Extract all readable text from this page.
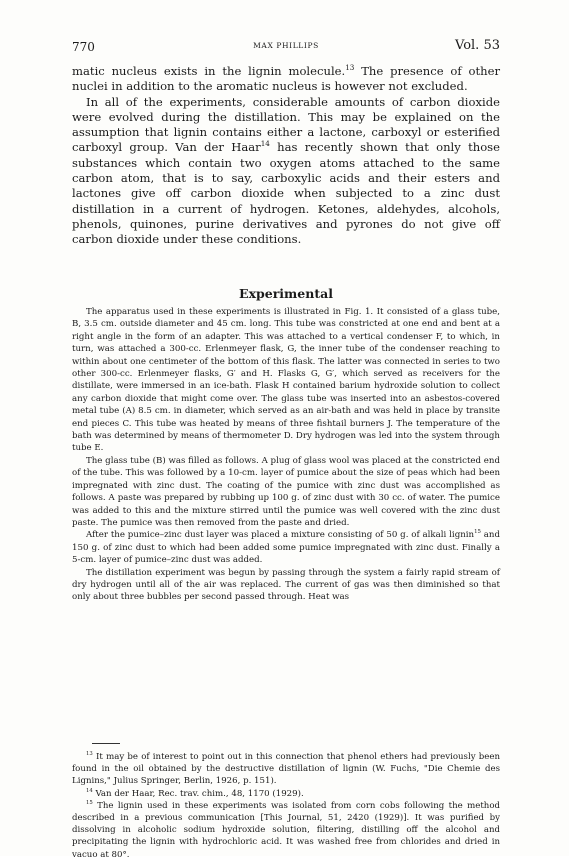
770	MAX PHILLIPS	Vol. 53

matic nucleus exists in the lignin molecule.$^{13}$ The presence of other nuclei in addition to the aromatic nucleus is however not excluded.

In all of the experiments, considerable amounts of carbon dioxide were evolved during the distillation. This may be explained on the assumption that lignin contains either a lactone, carboxyl or esterified carboxyl group. Van der Haar$^{14}$ has recently shown that only those substances which contain two oxygen atoms attached to the same carbon atom, that is to say, carboxylic acids and their esters and lactones give off carbon dioxide when subjected to a zinc dust distillation in a current of hydrogen. Ketones, aldehydes, alcohols, phenols, quinones, purine derivatives and pyrones do not give off carbon dioxide under these conditions.

Experimental

The apparatus used in these experiments is illustrated in Fig. 1. It consisted of a glass tube, B, 3.5 cm. outside diameter and 45 cm. long. This tube was constricted at one end and bent at a right angle in the form of an adapter. This was attached to a vertical condenser F, to which, in turn, was attached a 300-cc. Erlenmeyer flask, G, the inner tube of the condenser reaching to within about one centimeter of the bottom of this flask. The latter was connected in series to two other 300-cc. Erlenmeyer flasks, G′ and H. Flasks G, G′, which served as receivers for the distillate, were immersed in an ice-bath. Flask H contained barium hydroxide solution to collect any carbon dioxide that might come over. The glass tube was inserted into an asbestos-covered metal tube (A) 8.5 cm. in diameter, which served as an air-bath and was held in place by transite end pieces C. This tube was heated by means of three fishtail burners J. The temperature of the bath was determined by means of thermometer D. Dry hydrogen was led into the system through tube E.

The glass tube (B) was filled as follows. A plug of glass wool was placed at the constricted end of the tube. This was followed by a 10-cm. layer of pumice about the size of peas which had been impregnated with zinc dust. The coating of the pumice with zinc dust was accomplished as follows. A paste was prepared by rubbing up 100 g. of zinc dust with 30 cc. of water. The pumice was added to this and the mixture stirred until the pumice was well covered with the zinc dust paste. The pumice was then removed from the paste and dried.

After the pumice–zinc dust layer was placed a mixture consisting of 50 g. of alkali lignin$^{15}$ and 150 g. of zinc dust to which had been added some pumice impregnated with zinc dust. Finally a 5-cm. layer of pumice–zinc dust was added.

The distillation experiment was begun by passing through the system a fairly rapid stream of dry hydrogen until all of the air was replaced. The current of gas was then diminished so that only about three bubbles per second passed through. Heat was

$^{13}$ It may be of interest to point out in this connection that phenol ethers had previously been found in the oil obtained by the destructive distillation of lignin (W. Fuchs, "Die Chemie des Lignins," Julius Springer, Berlin, 1926, p. 151).

$^{14}$ Van der Haar, Rec. trav. chim., 48, 1170 (1929).

$^{15}$ The lignin used in these experiments was isolated from corn cobs following the method described in a previous communication [This Journal, 51, 2420 (1929)]. It was purified by dissolving in alcoholic sodium hydroxide solution, filtering, distilling off the alcohol and precipitating the lignin with hydrochloric acid. It was washed free from chlorides and dried in vacuo at 80°.
